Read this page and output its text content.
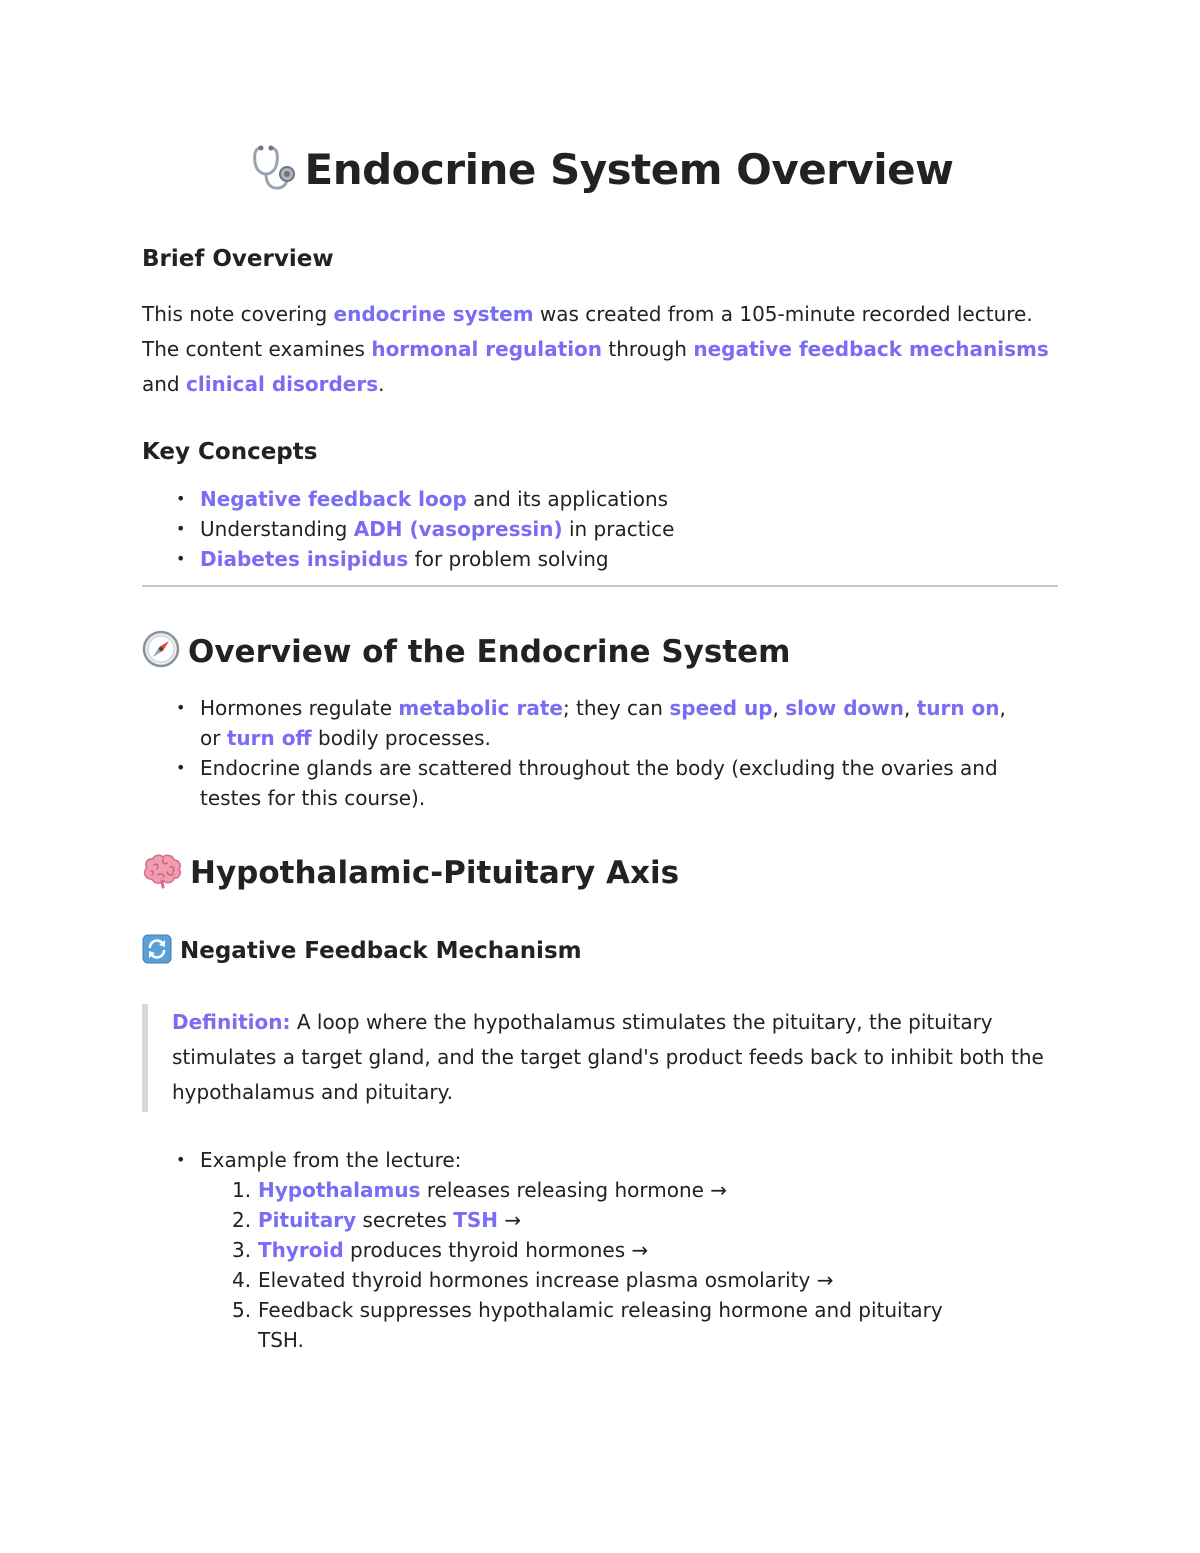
Endocrine System Overview
Brief Overview

This note covering endocrine system was created from a 105-minute recorded lecture. The content examines hormonal regulation through negative feedback mechanisms
and clinical disorders.

Key Concepts
• Negative feedback loop and its applications
• Understanding ADH (vasopressin) in practice
• Diabetes insipidus for problem solving
Overview of the Endocrine System
• Hormones regulate metabolic rate; they can speed up, slow down, turn on, or turn off bodily processes.
• Endocrine glands are scattered throughout the body (excluding the ovaries and testes for this course).
Hypothalamic-Pituitary Axis
Negative Feedback Mechanism

Definition: A loop where the hypothalamus stimulates the pituitary, the pituitary stimulates a target gland, and the target gland's product feeds back to inhibit both the hypothalamus and pituitary.

• Example from the lecture:
1. Hypothalamus releases releasing hormone →
2. Pituitary secretes TSH →
3. Thyroid produces thyroid hormones →
4. Elevated thyroid hormones increase plasma osmolarity →
5. Feedback suppresses hypothalamic releasing hormone and pituitary TSH.
